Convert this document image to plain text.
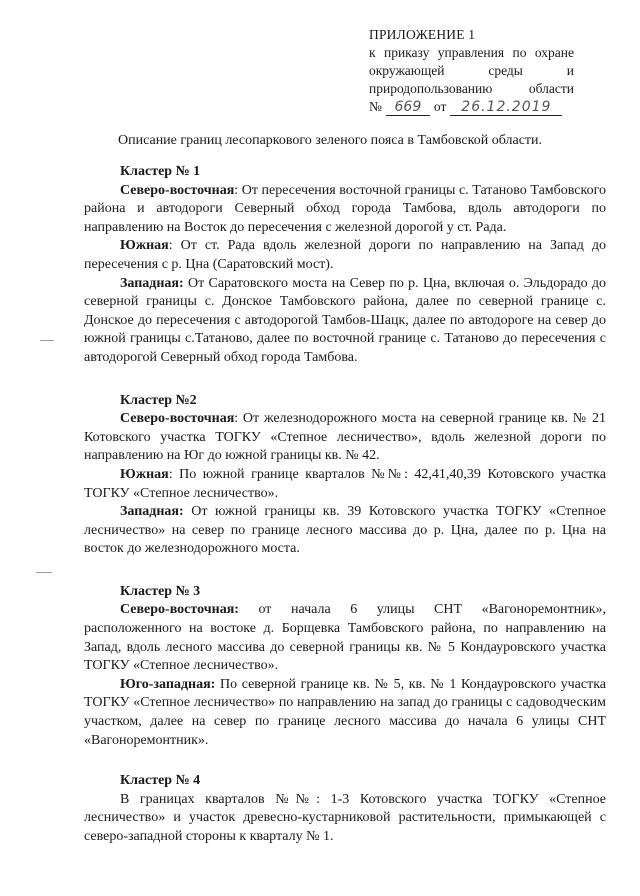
ПРИЛОЖЕНИЕ 1
к приказу управления по охране окружающей среды и природопользованию области
№ 669 от	26.12.2019
Описание границ лесопаркового зеленого пояса в Тамбовской области.

Кластер № 1

Северо-восточная: От пересечения восточной границы с. Татаново Тамбовского района и автодороги Северный обход города Тамбова, вдоль автодороги по направлению на Восток до пересечения с железной дорогой у ст. Рада.

Южная: От ст. Рада вдоль железной дороги по направлению на Запад до пересечения с р. Цна (Саратовский мост).

Западная: От Саратовского моста на Север по р. Цна, включая о. Эльдорадо до северной границы с. Донское Тамбовского района, далее по северной границе с. Донское до пересечения с автодорогой Тамбов-Шацк, далее по автодороге на север до южной границы с.Татаново, далее по восточной границе с. Татаново до пересечения с автодорогой Северный обход города Тамбова.

Кластер №2

Северо-восточная: От железнодорожного моста на северной границе кв. № 21 Котовского участка ТОГКУ «Степное лесничество», вдоль железной дороги по направлению на Юг до южной границы кв. № 42.

Южная: По южной границе кварталов №№: 42,41,40,39 Котовского участка ТОГКУ «Степное лесничество».

Западная: От южной границы кв. 39 Котовского участка ТОГКУ «Степное лесничество» на север по границе лесного массива до р. Цна, далее по р. Цна на восток до железнодорожного моста.

Кластер № 3

Северо-восточная: от начала 6 улицы СНТ «Вагоноремонтник», расположенного на востоке д. Борщевка Тамбовского района, по направлению на Запад, вдоль лесного массива до северной границы кв. № 5 Кондауровского участка ТОГКУ «Степное лесничество».

Юго-западная: По северной границе кв. № 5, кв. № 1 Кондауровского участка ТОГКУ «Степное лесничество» по направлению на запад до границы с садоводческим участком, далее на север по границе лесного массива до начала 6 улицы СНТ «Вагоноремонтник».

Кластер № 4

В границах кварталов №№: 1-3 Котовского участка ТОГКУ «Степное лесничество» и участок древесно-кустарниковой растительности, примыкающей с северо-западной стороны к кварталу № 1.
